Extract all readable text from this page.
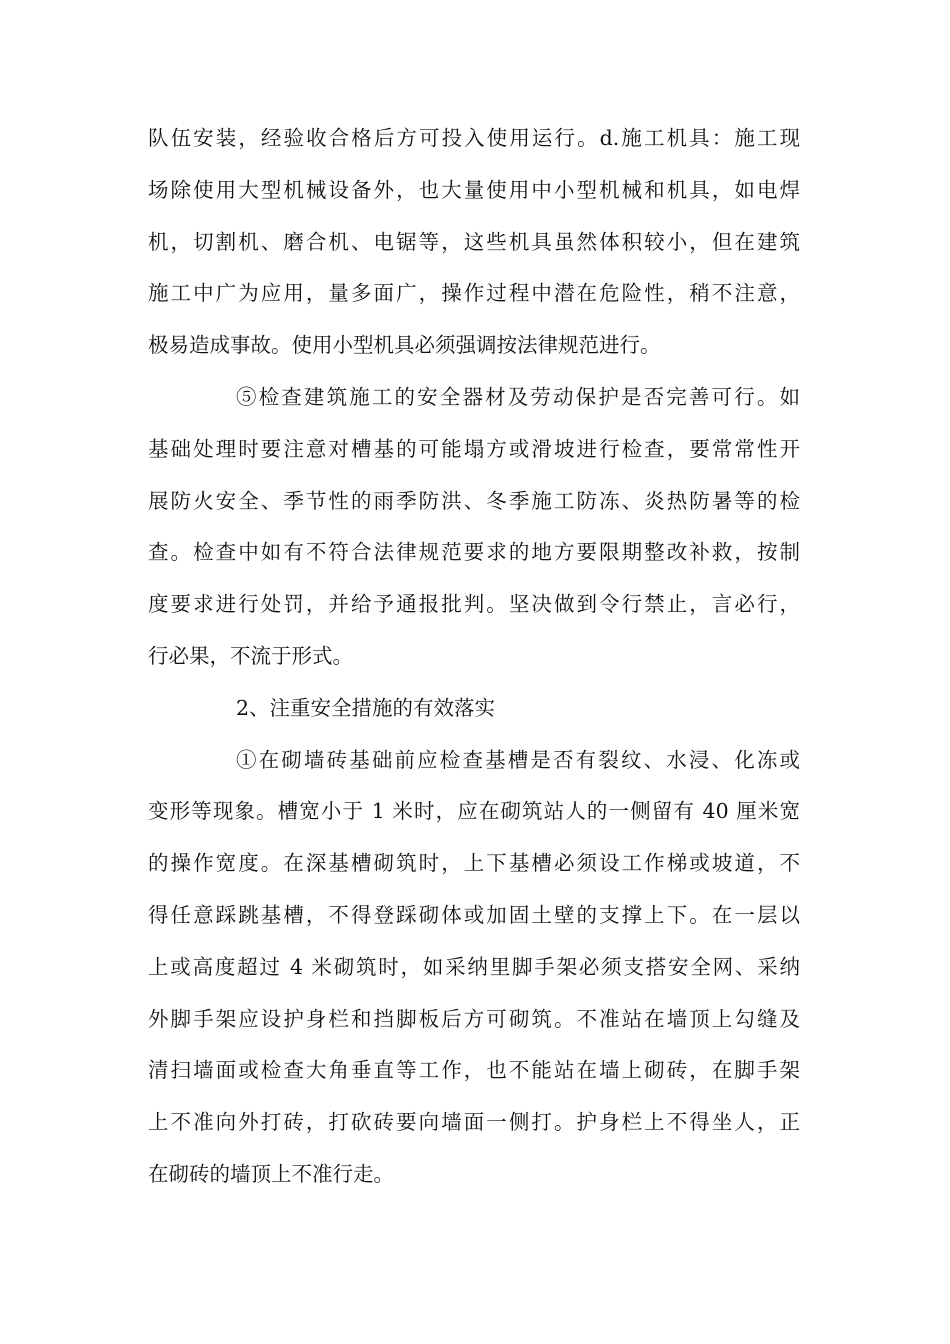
队伍安装，经验收合格后方可投入使用运行。d.施工机具：施工现
场除使用大型机械设备外，也大量使用中小型机械和机具，如电焊
机，切割机、磨合机、电锯等，这些机具虽然体积较小，但在建筑
施工中广为应用，量多面广，操作过程中潜在危险性，稍不注意，
极易造成事故。使用小型机具必须强调按法律规范进行。
⑤检查建筑施工的安全器材及劳动保护是否完善可行。如
基础处理时要注意对槽基的可能塌方或滑坡进行检查，要常常性开
展防火安全、季节性的雨季防洪、冬季施工防冻、炎热防暑等的检
查。检查中如有不符合法律规范要求的地方要限期整改补救，按制
度要求进行处罚，并给予通报批判。坚决做到令行禁止，言必行，
行必果，不流于形式。
2、注重安全措施的有效落实
①在砌墙砖基础前应检查基槽是否有裂纹、水浸、化冻或
变形等现象。槽宽小于 1 米时，应在砌筑站人的一侧留有 40 厘米宽
的操作宽度。在深基槽砌筑时，上下基槽必须设工作梯或坡道，不
得任意踩跳基槽，不得登踩砌体或加固土壁的支撑上下。在一层以
上或高度超过 4 米砌筑时，如采纳里脚手架必须支搭安全网、采纳
外脚手架应设护身栏和挡脚板后方可砌筑。不准站在墙顶上勾缝及
清扫墙面或检查大角垂直等工作，也不能站在墙上砌砖，在脚手架
上不准向外打砖，打砍砖要向墙面一侧打。护身栏上不得坐人，正
在砌砖的墙顶上不准行走。
